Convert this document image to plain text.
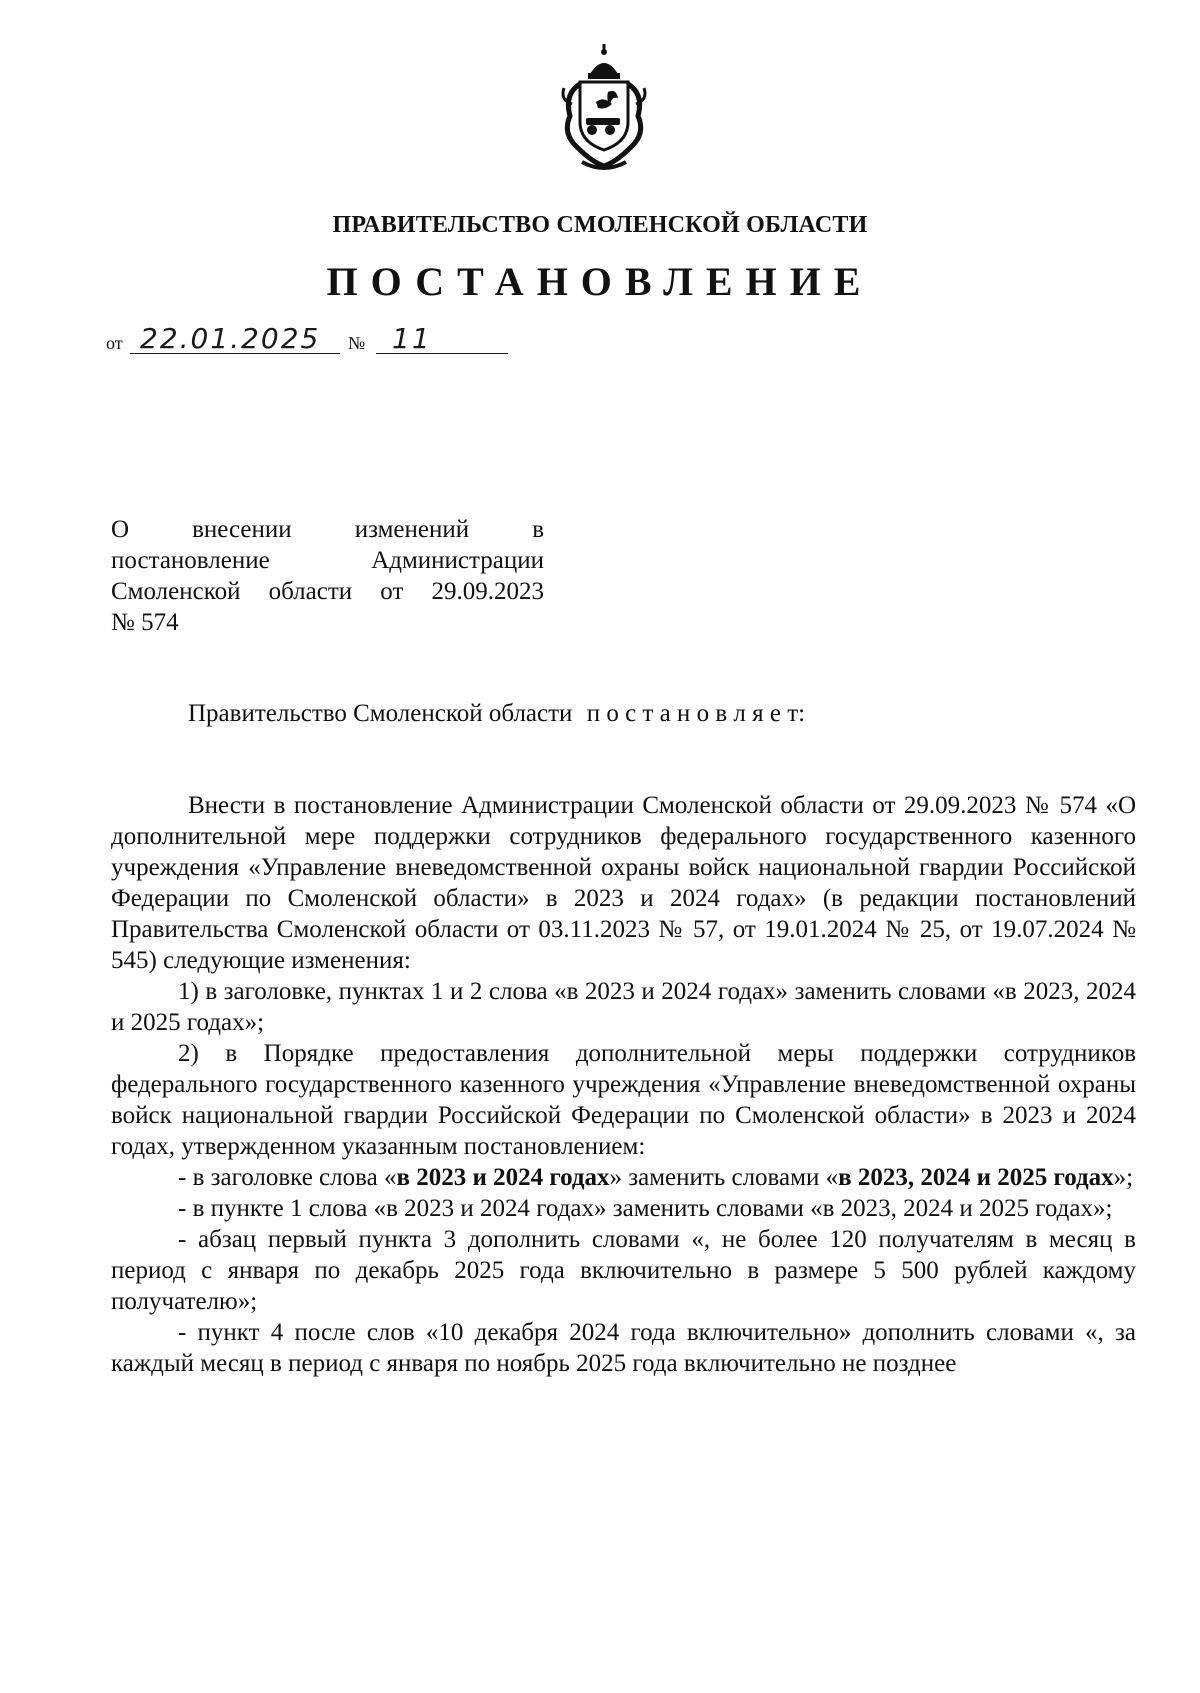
ПРАВИТЕЛЬСТВО СМОЛЕНСКОЙ ОБЛАСТИ
ПОСТАНОВЛЕНИЕ
от 22.01.2025 № 11
О внесении изменений в
постановление Администрации
Смоленской области от 29.09.2023
№ 574
Правительство Смоленской области п о с т а н о в л я е т:

Внести в постановление Администрации Смоленской области от 29.09.2023 № 574 «О дополнительной мере поддержки сотрудников федерального государственного казенного учреждения «Управление вневедомственной охраны войск национальной гвардии Российской Федерации по Смоленской области» в 2023 и 2024 годах» (в редакции постановлений Правительства Смоленской области от 03.11.2023 № 57, от 19.01.2024 № 25, от 19.07.2024 № 545) следующие изменения:

1) в заголовке, пунктах 1 и 2 слова «в 2023 и 2024 годах» заменить словами «в 2023, 2024 и 2025 годах»;

2) в Порядке предоставления дополнительной меры поддержки сотрудников федерального государственного казенного учреждения «Управление вневедомственной охраны войск национальной гвардии Российской Федерации по Смоленской области» в 2023 и 2024 годах, утвержденном указанным постановлением:

- в заголовке слова «в 2023 и 2024 годах» заменить словами «в 2023, 2024 и 2025 годах»;

- в пункте 1 слова «в 2023 и 2024 годах» заменить словами «в 2023, 2024 и 2025 годах»;

- абзац первый пункта 3 дополнить словами «, не более 120 получателям в месяц в период с января по декабрь 2025 года включительно в размере 5 500 рублей каждому получателю»;

- пункт 4 после слов «10 декабря 2024 года включительно» дополнить словами «, за каждый месяц в период с января по ноябрь 2025 года включительно не позднее
